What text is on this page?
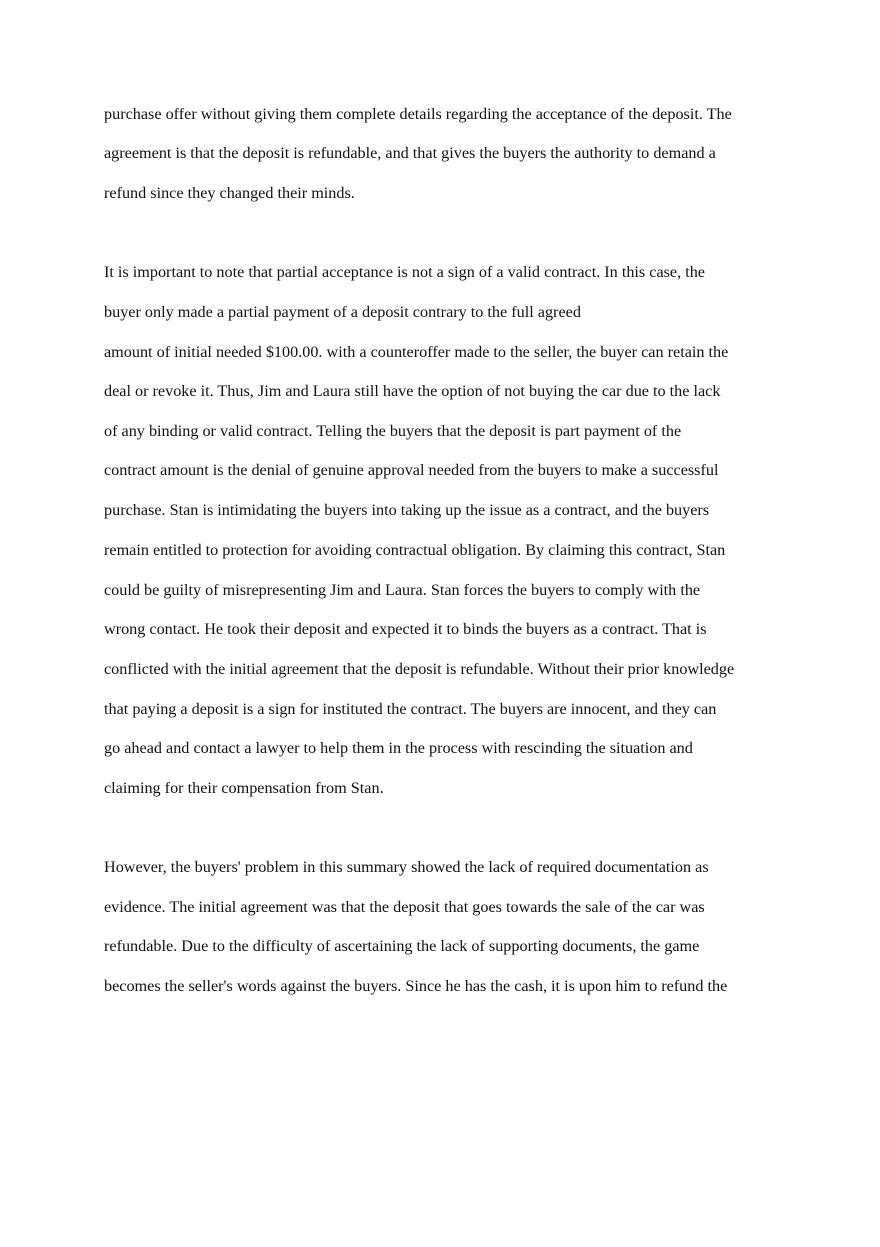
purchase offer without giving them complete details regarding the acceptance of the deposit. The

agreement is that the deposit is refundable, and that gives the buyers the authority to demand a

refund since they changed their minds.

It is important to note that partial acceptance is not a sign of a valid contract. In this case, the

buyer only made a partial payment of a deposit contrary to the full agreed

amount of initial needed $100.00. with a counteroffer made to the seller, the buyer can retain the

deal or revoke it. Thus, Jim and Laura still have the option of not buying the car due to the lack

of any binding or valid contract. Telling the buyers that the deposit is part payment of the

contract amount is the denial of genuine approval needed from the buyers to make a successful

purchase. Stan is intimidating the buyers into taking up the issue as a contract, and the buyers

remain entitled to protection for avoiding contractual obligation. By claiming this contract, Stan

could be guilty of misrepresenting Jim and Laura. Stan forces the buyers to comply with the

wrong contact. He took their deposit and expected it to binds the buyers as a contract. That is

conflicted with the initial agreement that the deposit is refundable. Without their prior knowledge

that paying a deposit is a sign for instituted the contract. The buyers are innocent, and they can

go ahead and contact a lawyer to help them in the process with rescinding the situation and

claiming for their compensation from Stan.

However, the buyers' problem in this summary showed the lack of required documentation as

evidence. The initial agreement was that the deposit that goes towards the sale of the car was

refundable. Due to the difficulty of ascertaining the lack of supporting documents, the game

becomes the seller's words against the buyers. Since he has the cash, it is upon him to refund the
